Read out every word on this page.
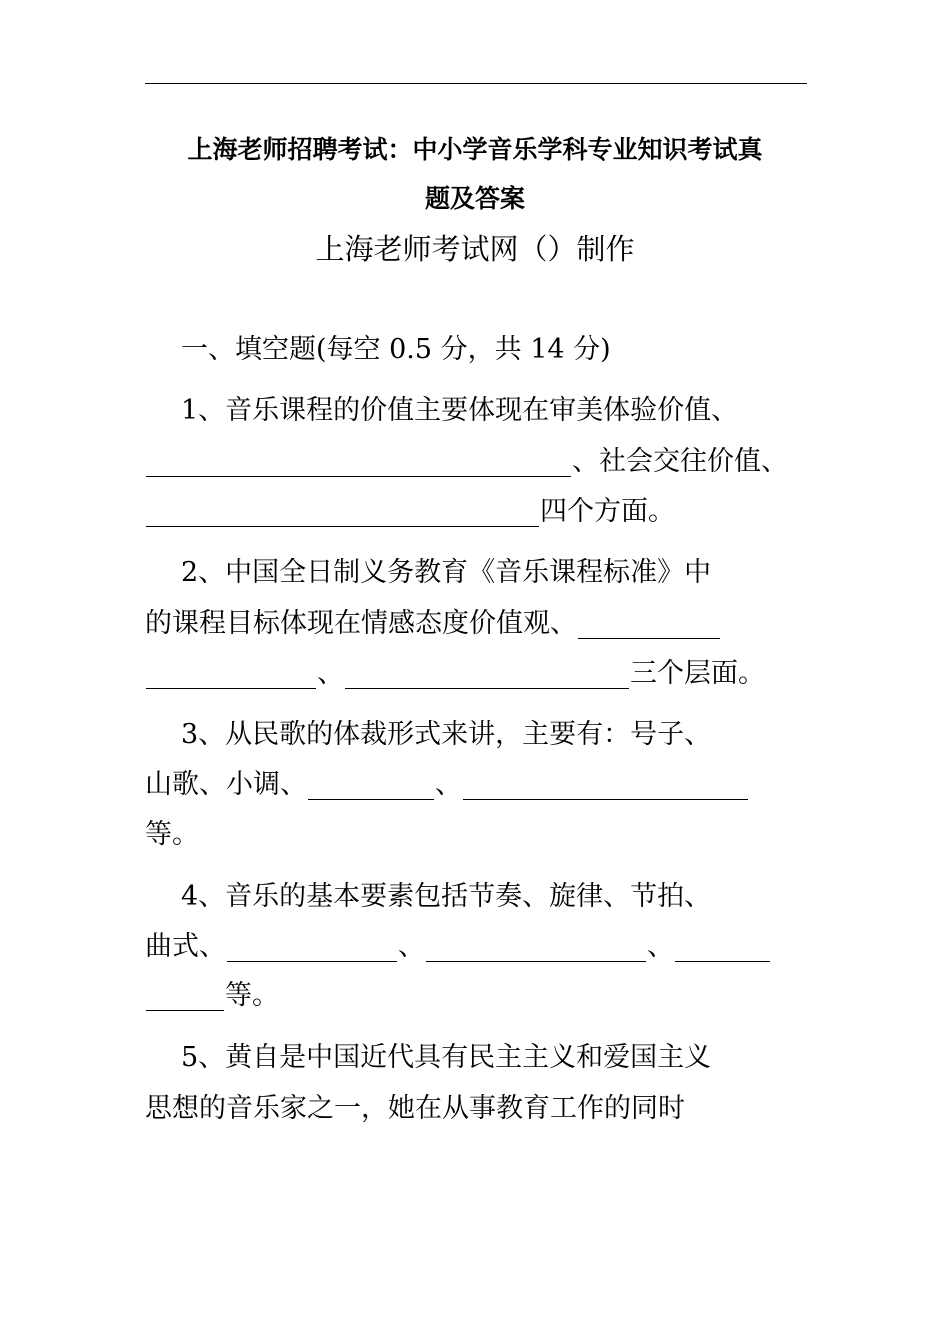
上海老师招聘考试：中小学音乐学科专业知识考试真
题及答案
上海老师考试网（）制作
一、填空题(每空 0.5 分，共 14 分)
1、音乐课程的价值主要体现在审美体验价值、
、社会交往价值、
四个方面。
2、中国全日制义务教育《音乐课程标准》中
的课程目标体现在情感态度价值观、
、	三个层面。
3、从民歌的体裁形式来讲，主要有：号子、
山歌、小调、	、
等。
4、音乐的基本要素包括节奏、旋律、节拍、
曲式、	、	、
等。
5、黄自是中国近代具有民主主义和爱国主义
思想的音乐家之一，她在从事教育工作的同时
